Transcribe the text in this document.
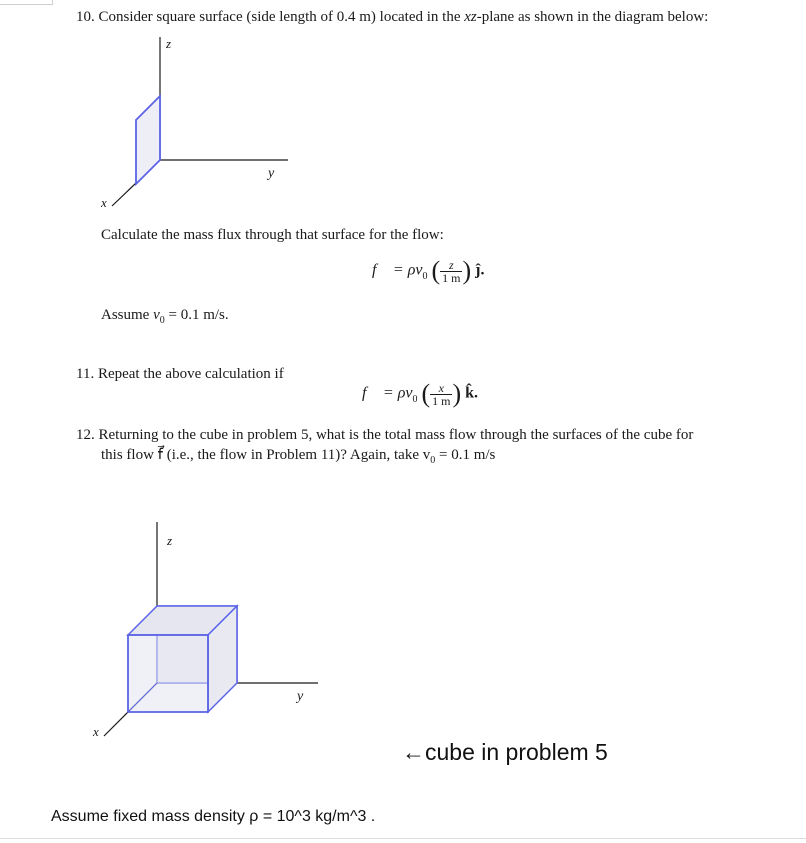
10. Consider square surface (side length of 0.4 m) located in the xz-plane as shown in the diagram below:
z
y
x
Calculate the mass flux through that surface for the flow:
f⃗ = $\rho v_0$ ( $\frac{z}{1 m}$ ) ĵ.
Assume $v_0 = 0.1$ m/s.
11. Repeat the above calculation if
f⃗ = $\rho v_0$ ( $\frac{x}{1 m}$ ) k̂.
12. Returning to the cube in problem 5, what is the total mass flow through the surfaces of the cube for
this flow f⃗ (i.e., the flow in Problem 11)? Again, take $v_0 = 0.1$ m/s
z
y
x
←cube in problem 5
Assume fixed mass density ρ = 10^3 kg/m^3 .
